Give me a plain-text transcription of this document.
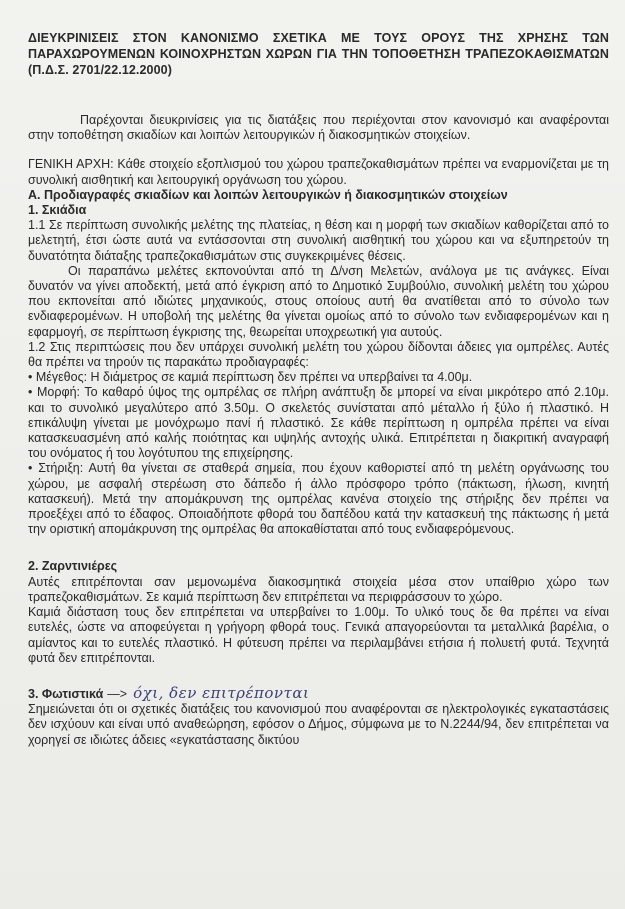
ΔΙΕΥΚΡΙΝΙΣΕΙΣ ΣΤΟΝ ΚΑΝΟΝΙΣΜΟ ΣΧΕΤΙΚΑ ΜΕ ΤΟΥΣ ΟΡΟΥΣ ΤΗΣ ΧΡΗΣΗΣ ΤΩΝ ΠΑΡΑΧΩΡΟΥΜΕΝΩΝ ΚΟΙΝΟΧΡΗΣΤΩΝ ΧΩΡΩΝ ΓΙΑ ΤΗΝ ΤΟΠΟΘΕΤΗΣΗ ΤΡΑΠΕΖΟΚΑΘΙΣΜΑΤΩΝ (Π.Δ.Σ. 2701/22.12.2000)

Παρέχονται διευκρινίσεις για τις διατάξεις που περιέχονται στον κανονισμό και αναφέρονται στην τοποθέτηση σκιαδίων και λοιπών λειτουργικών ή διακοσμητικών στοιχείων.

ΓΕΝΙΚΗ ΑΡΧΗ: Κάθε στοιχείο εξοπλισμού του χώρου τραπεζοκαθισμάτων πρέπει να εναρμονίζεται με τη συνολική αισθητική και λειτουργική οργάνωση του χώρου.

Α. Προδιαγραφές σκιαδίων και λοιπών λειτουργικών ή διακοσμητικών στοιχείων

1. Σκιάδια

1.1 Σε περίπτωση συνολικής μελέτης της πλατείας, η θέση και η μορφή των σκιαδίων καθορίζεται από το μελετητή, έτσι ώστε αυτά να εντάσσονται στη συνολική αισθητική του χώρου και να εξυπηρετούν τη δυνατότητα διάταξης τραπεζοκαθισμάτων στις συγκεκριμένες θέσεις.

Οι παραπάνω μελέτες εκπονούνται από τη Δ/νση Μελετών, ανάλογα με τις ανάγκες. Είναι δυνατόν να γίνει αποδεκτή, μετά από έγκριση από το Δημοτικό Συμβούλιο, συνολική μελέτη του χώρου που εκπονείται από ιδιώτες μηχανικούς, στους οποίους αυτή θα ανατίθεται από το σύνολο των ενδιαφερομένων. Η υποβολή της μελέτης θα γίνεται ομοίως από το σύνολο των ενδιαφερομένων και η εφαρμογή, σε περίπτωση έγκρισης της, θεωρείται υποχρεωτική για αυτούς.

1.2 Στις περιπτώσεις που δεν υπάρχει συνολική μελέτη του χώρου δίδονται άδειες για ομπρέλες. Αυτές θα πρέπει να τηρούν τις παρακάτω προδιαγραφές:

• Μέγεθος: Η διάμετρος σε καμιά περίπτωση δεν πρέπει να υπερβαίνει τα 4.00μ.

• Μορφή: Το καθαρό ύψος της ομπρέλας σε πλήρη ανάπτυξη δε μπορεί να είναι μικρότερο από 2.10μ. και το συνολικό μεγαλύτερο από 3.50μ. Ο σκελετός συνίσταται από μέταλλο ή ξύλο ή πλαστικό. Η επικάλυψη γίνεται με μονόχρωμο πανί ή πλαστικό. Σε κάθε περίπτωση η ομπρέλα πρέπει να είναι κατασκευασμένη από καλής ποιότητας και υψηλής αντοχής υλικά. Επιτρέπεται η διακριτική αναγραφή του ονόματος ή του λογότυπου της επιχείρησης.

• Στήριξη: Αυτή θα γίνεται σε σταθερά σημεία, που έχουν καθοριστεί από τη μελέτη οργάνωσης του χώρου, με ασφαλή στερέωση στο δάπεδο ή άλλο πρόσφορο τρόπο (πάκτωση, ήλωση, κινητή κατασκευή). Μετά την απομάκρυνση της ομπρέλας κανένα στοιχείο της στήριξης δεν πρέπει να προεξέχει από το έδαφος. Οποιαδήποτε φθορά του δαπέδου κατά την κατασκευή της πάκτωσης ή μετά την οριστική απομάκρυνση της ομπρέλας θα αποκαθίσταται από τους ενδιαφερόμενους.

2. Ζαρντινιέρες

Αυτές επιτρέπονται σαν μεμονωμένα διακοσμητικά στοιχεία μέσα στον υπαίθριο χώρο των τραπεζοκαθισμάτων. Σε καμιά περίπτωση δεν επιτρέπεται να περιφράσσουν το χώρο.

Καμιά διάσταση τους δεν επιτρέπεται να υπερβαίνει το 1.00μ. Το υλικό τους δε θα πρέπει να είναι ευτελές, ώστε να αποφεύγεται η γρήγορη φθορά τους. Γενικά απαγορεύονται τα μεταλλικά βαρέλια, ο αμίαντος και το ευτελές πλαστικό. Η φύτευση πρέπει να περιλαμβάνει ετήσια ή πολυετή φυτά. Τεχνητά φυτά δεν επιτρέπονται.

3. Φωτιστικά —> όχι, δεν επιτρέπονται

Σημειώνεται ότι οι σχετικές διατάξεις του κανονισμού που αναφέρονται σε ηλεκτρολογικές εγκαταστάσεις δεν ισχύουν και είναι υπό αναθεώρηση, εφόσον ο Δήμος, σύμφωνα με το Ν.2244/94, δεν επιτρέπεται να χορηγεί σε ιδιώτες άδειες «εγκατάστασης δικτύου
